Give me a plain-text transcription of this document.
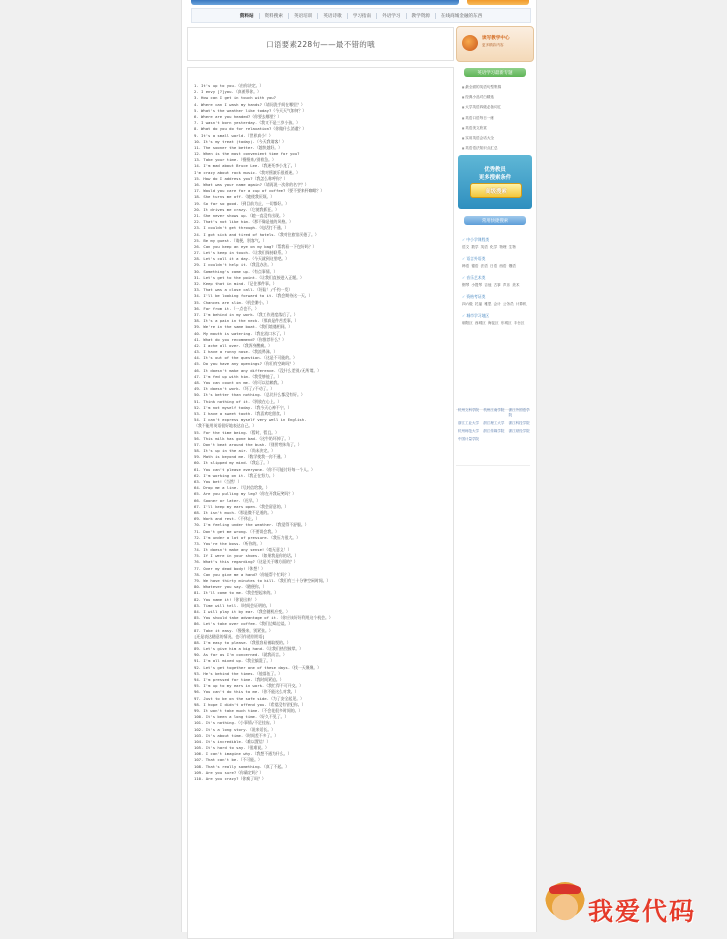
资料站	资料搜索	英语培训	英语诗歌	学习指南	外语学习	教学资源	在线商城金融的东西
口语要素228句——最不错的哦
1. It's up to you.（由你决定。）
2. I envy [?]you.（真羡慕你。）
3. How can I get in touch with you?
4. Where can I wash my hands?（请问洗手间在哪里？）
5. What's the weather like today?（今天天气如何？）
6. Where are you headed?（你要去哪里？）
7. I wasn't born yesterday.（我又不是三岁小孩。）
8. What do you do for relaxation?（你做什么消遣？）
9. It's a small world.（世界真小！）
10. It's my treat (today).（今天我请客！）
11. The sooner the better.（越快越好。）
12. When is the most convenient time for you?
13. Take your time.（慢慢来/别着急。）
14. I'm mad about Bruce Lee.（我迷死李小龙了。）
I'm crazy about rock music.（我对摇滚乐很着迷。）
15. How do I address you?（我怎么称呼你？）
16. What was your name again?（请再说一次你的名字？）
17. Would you care for a cup of coffee?（要不要来杯咖啡？）
18. She turns me off.（她使我厌烦。）
19. So far so good.（到目前为止，一切都好。）
20. It drives me crazy.（它使我抓狂。）
21. She never shows up.（她一直没有出现。）
22. That's not like him.（那不像是他的风格。）
23. I couldn't get through.（电话打不通。）
24. I got sick and tired of hotels.（我对住旅馆厌倦了。）
25. Be my guest.（请便，别客气。）
26. Can you keep an eye on my bag?（帮我看一下包好吗？）
27. Let's keep in touch.（让我们保持联系。）
28. Let's call it a day.（今天就到这里吧。）
29. I couldn't help it.（我没办法。）
30. Something's come up.（有点事情。）
31. Let's get to the point.（让我们直接进入正题。）
32. Keep that in mind.（记住那件事。）
33. That was a close call.（好险！/千钧一发）
34. I'll be looking forward to it.（我会期待这一天。）
35. Chances are slim.（机会渺小。）
36. Far from it.（一点也不。）
37. I'm behind in my work.（我工作进度落后了。）
38. It's a pain in the neck.（那真是件苦差事。）
39. We're in the same boat.（我们境遇相同。）
40. My mouth is watering.（我在流口水了。）
41. What do you recommend?（你推荐什么？）
42. I ache all over.（我浑身酸痛。）
43. I have a runny nose.（我流鼻涕。）
44. It's out of the question.（这是不可能的。）
45. Do you have any openings?（你们有空缺吗？）
46. It doesn't make any difference.（没什么差别/无所谓。）
47. I'm fed up with him.（我受够他了。）
48. You can count on me.（你可以信赖我。）
49. It doesn't work.（坏了/不动了。）
50. It's better than nothing.（总比什么都没有好。）
51. Think nothing of it.（别放在心上。）
52. I'm not myself today.（我今天心神不宁。）
53. I have a sweet tooth.（我喜欢吃甜食。）
54. I can't express myself very well in English.
（我不能用英语很好地表达自己。）
55. For the time being.（暂时，暂且。）
56. This milk has gone bad.（这牛奶坏掉了。）
57. Don't beat around the bush.（别拐弯抹角了。）
58. It's up in the air.（尚未决定。）
59. Math is beyond me.（数学使我一窍不通。）
60. It slipped my mind.（我忘了。）
61. You can't please everyone.（你不可能讨好每一个人。）
62. I'm working on it.（我正在努力。）
63. You bet!（当然！）
64. Drop me a line.（写封信给我。）
65. Are you pulling my leg?（你在开我玩笑吗？）
66. Sooner or later.（迟早。）
67. I'll keep my ears open.（我会留意的。）
68. It isn't much.（那是微不足道的。）
69. Work and rest.（不休止。）
70. I'm feeling under the weather.（我觉得不舒服。）
71. Don't get me wrong.（不要误会我。）
72. I'm under a lot of pressure.（我压力很大。）
73. You're the boss.（听你的。）
74. It doesn't make any sense!（毫无意义！）
75. If I were in your shoes.（如果我是你的话。）
76. What's this regarding?（这是关于哪方面的？）
77. Over my dead body!（休想！）
78. Can you give me a hand?（你能帮个忙吗？）
79. We have thirty minutes to kill.（我们有三十分钟空闲时间。）
80. Whatever you say.（随便你。）
81. It'll come to me.（我会想起来的。）
82. You name it!（你说出来！）
83. Time will tell.（时间会证明的。）
84. I will play it by ear.（我会随机应变。）
85. You should take advantage of it.（你应该好好利用这个机会。）
86. Let's take over coffee.（我们边喝边谈。）
87. Take it easy.（慢慢来，别紧张。）
[还是表达随意的情况，也可作道别用语]
88. I'm easy to please.（我很容易被取悦的。）
89. Let's give him a big hand.（让我们热烈鼓掌。）
90. As far as I'm concerned.（就我而言。）
91. I'm all mixed up.（我全搞混了。）
92. Let's get together one of these days.（找一天聚聚。）
93. He's behind the times.（他落伍了。）
94. I'm pressed for time.（我时间紧迫。）
95. I'm up to my ears in work.（我忙得不可开交。）
96. You can't do this to me.（你不能这么对我。）
97. Just to be on the safe side.（为了安全起见。）
98. I hope I didn't offend you.（希望没有冒犯你。）
99. It won't take much time.（不会花很多时间的。）
100. It's been a long time.（好久不见了。）
101. It's nothing.（小事情/不足挂齿。）
102. It's a long story.（说来话长。）
103. It's about time.（时间差不多了。）
104. It's incredible.（难以置信！）
105. It's hard to say.（很难说。）
106. I can't imagine why.（我想不通为什么。）
107. That can't be.（不可能。）
108. That's really something.（真了不起。）
109. Are you sure?（你确定吗？）
110. Are you crazy?（你疯了吗？）
读写教学中心
更多精彩内容
英语学习最新专题
■ 最全面的英语句型集锦
■ 经典小品对白精选
■ 大学英语四级必备词汇
■ 英语口语每日一练
■ 英语美文欣赏
■ 实用英语会话大全
■ 英语语法知识点汇总
优秀教员
更多搜索条件
高级搜索
常用快捷搜索
✓ 中小学课程类
语文 数学 英语 化学 物理 生物
✓ 语言外语类
韩语 德语 法语 日语 西语 俄语
✓ 音乐艺术类
钢琴 小提琴 吉他 古筝 声乐 美术
✓ 资格考证类
四六级 托福 雅思 会计 公务员 计算机
✓ 城市学习地区
朝阳区 西城区 海淀区 东城区 丰台区
杭州文科学院	杭州江南学院	浙江外国语学院
浙江工业大学	浙江理工大学	浙江科技学院
杭州师范大学	浙江传媒学院	浙江财经学院
中国计量学院
我爱代码
